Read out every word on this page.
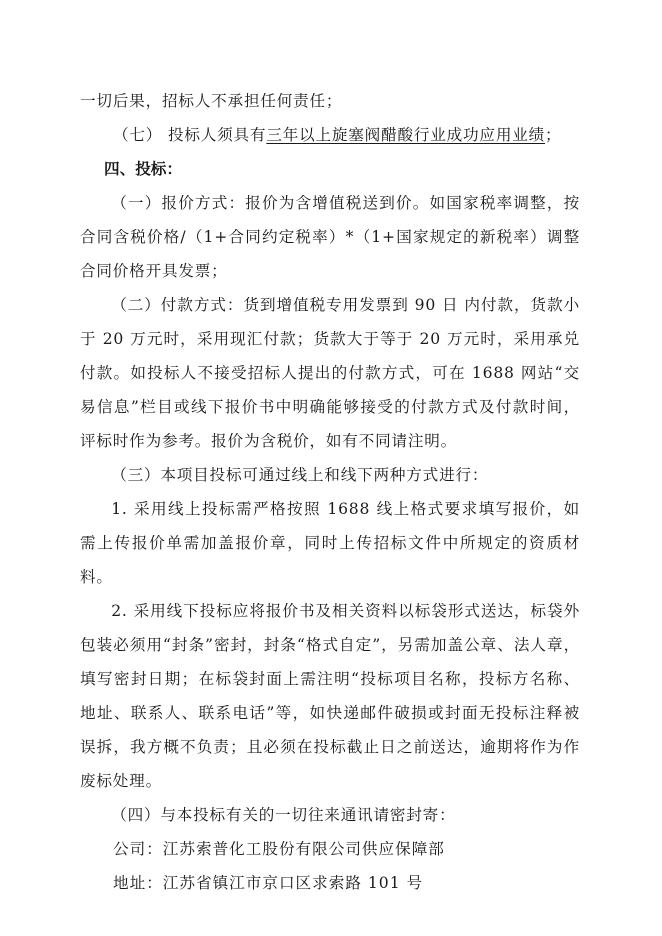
一切后果，招标人不承担任何责任；
（七） 投标人须具有三年以上旋塞阀醋酸行业成功应用业绩；
四、投标：

（一）报价方式：报价为含增值税送到价。如国家税率调整，按合同含税价格/（1+合同约定税率）*（1+国家规定的新税率）调整合同价格开具发票；

（二）付款方式：货到增值税专用发票到 90 日 内付款，货款小于 20 万元时，采用现汇付款；货款大于等于 20 万元时，采用承兑付款。如投标人不接受招标人提出的付款方式，可在 1688 网站“交易信息”栏目或线下报价书中明确能够接受的付款方式及付款时间，评标时作为参考。报价为含税价，如有不同请注明。

（三）本项目投标可通过线上和线下两种方式进行：

1. 采用线上投标需严格按照 1688 线上格式要求填写报价，如需上传报价单需加盖报价章，同时上传招标文件中所规定的资质材料。

2. 采用线下投标应将报价书及相关资料以标袋形式送达，标袋外包装必须用“封条”密封，封条“格式自定”，另需加盖公章、法人章，填写密封日期；在标袋封面上需注明“投标项目名称，投标方名称、地址、联系人、联系电话”等，如快递邮件破损或封面无投标注释被误拆，我方概不负责；且必须在投标截止日之前送达，逾期将作为作废标处理。

（四）与本投标有关的一切往来通讯请密封寄：

公司：江苏索普化工股份有限公司供应保障部
地址：江苏省镇江市京口区求索路 101 号
